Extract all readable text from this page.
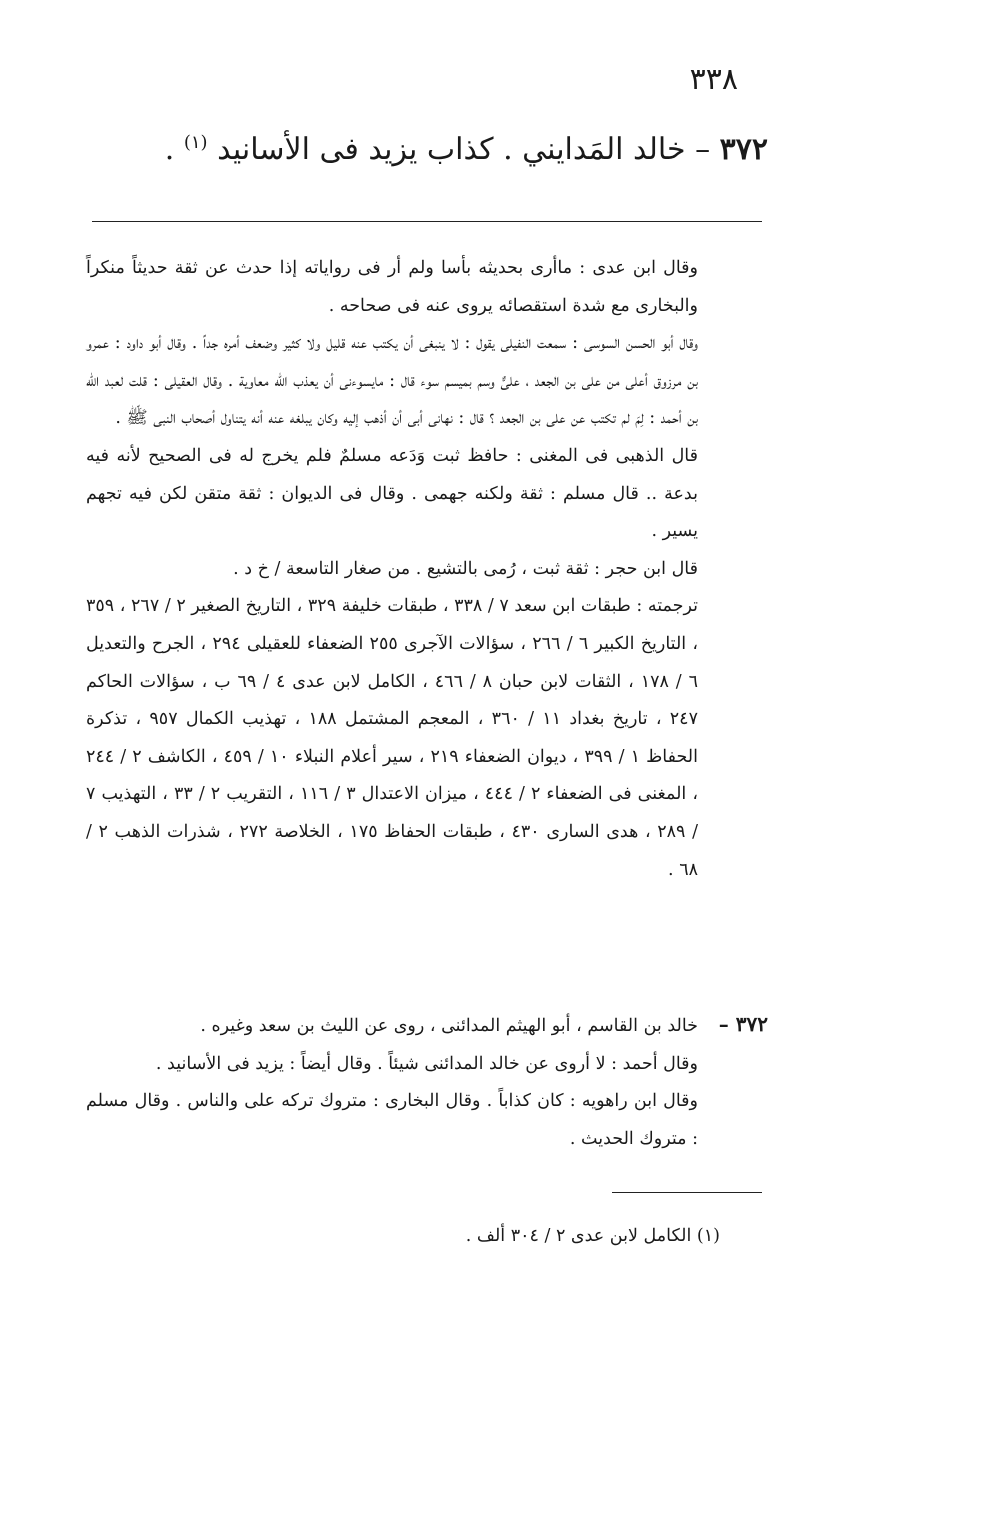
٣٣٨
٣٧٢ – خالد المَدايني . كذاب يزيد فى الأسانيد $^{(١)}$ .

وقال ابن عدى : ماأرى بحديثه بأسا ولم أر فى رواياته إذا حدث عن ثقة حديثاً منكراً والبخارى مع شدة استقصائه يروى عنه فى صحاحه .

وقال أبو الحسن السوسى : سمعت النفيلى يقول : لا ينبغى أن يكتب عنه قليل ولا كثير وضعف أمره جداً . وقال أبو داود : عمرو بن مرزوق أعلى من على بن الجعد ، علىٌّ وسم بميسم سوء قال : مايسوءنى أن يعذب الله معاوية . وقال العقيلى : قلت لعبد الله بن أحمد : لِمَ لم تكتب عن على بن الجعد ؟ قال : نهانى أبى أن أذهب إليه وكان يبلغه عنه أنه يتناول أصحاب النبى ﷺ .

قال الذهبى فى المغنى : حافظ ثبت وَدَعه مسلمٌ فلم يخرج له فى الصحيح لأنه فيه بدعة .. قال مسلم : ثقة ولكنه جهمى . وقال فى الديوان : ثقة متقن لكن فيه تجهم يسير .

قال ابن حجر : ثقة ثبت ، رُمى بالتشيع . من صغار التاسعة / خ د .

ترجمته : طبقات ابن سعد ٧ / ٣٣٨ ، طبقات خليفة ٣٢٩ ، التاريخ الصغير ٢ / ٢٦٧ ، ٣٥٩ ، التاريخ الكبير ٦ / ٢٦٦ ، سؤالات الآجرى ٢٥٥ الضعفاء للعقيلى ٢٩٤ ، الجرح والتعديل ٦ / ١٧٨ ، الثقات لابن حبان ٨ / ٤٦٦ ، الكامل لابن عدى ٤ / ٦٩ ب ، سؤالات الحاكم ٢٤٧ ، تاريخ بغداد ١١ / ٣٦٠ ، المعجم المشتمل ١٨٨ ، تهذيب الكمال ٩٥٧ ، تذكرة الحفاظ ١ / ٣٩٩ ، ديوان الضعفاء ٢١٩ ، سير أعلام النبلاء ١٠ / ٤٥٩ ، الكاشف ٢ / ٢٤٤ ، المغنى فى الضعفاء ٢ / ٤٤٤ ، ميزان الاعتدال ٣ / ١١٦ ، التقريب ٢ / ٣٣ ، التهذيب ٧ / ٢٨٩ ، هدى السارى ٤٣٠ ، طبقات الحفاظ ١٧٥ ، الخلاصة ٢٧٢ ، شذرات الذهب ٢ / ٦٨ .

٣٧٢ –
خالد بن القاسم ، أبو الهيثم المدائنى ، روى عن الليث بن سعد وغيره .

وقال أحمد : لا أروى عن خالد المدائنى شيئاً . وقال أيضاً : يزيد فى الأسانيد .

وقال ابن راهويه : كان كذاباً . وقال البخارى : متروك تركه على والناس . وقال مسلم : متروك الحديث .

(١) الكامل لابن عدى ٢ / ٣٠٤ ألف .
